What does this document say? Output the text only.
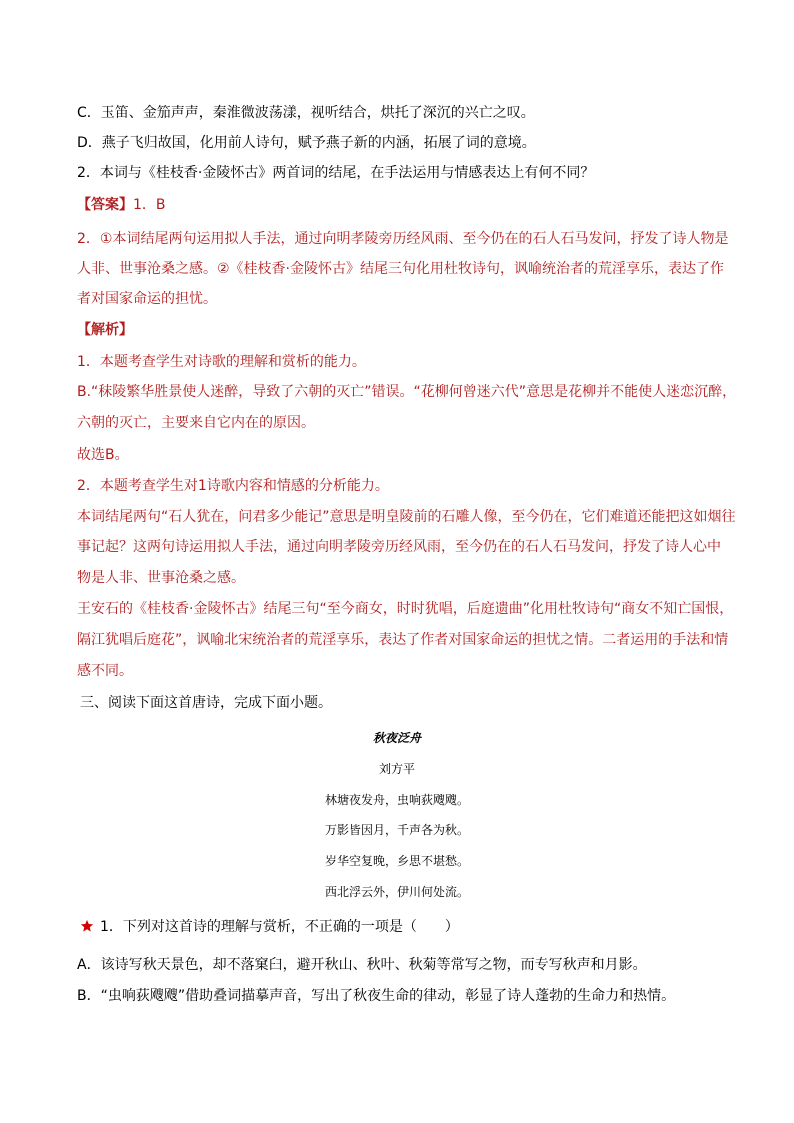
C．玉笛、金笳声声，秦淮微波荡漾，视听结合，烘托了深沉的兴亡之叹。
D．燕子飞归故国，化用前人诗句，赋予燕子新的内涵，拓展了词的意境。
2．本词与《桂枝香·金陵怀古》两首词的结尾，在手法运用与情感表达上有何不同？
【答案】1．B
2．①本词结尾两句运用拟人手法，通过向明孝陵旁历经风雨、至今仍在的石人石马发问，抒发了诗人物是
人非、世事沧桑之感。②《桂枝香·金陵怀古》结尾三句化用杜牧诗句，讽喻统治者的荒淫享乐，表达了作
者对国家命运的担忧。
【解析】
1．本题考查学生对诗歌的理解和赏析的能力。
B.“秣陵繁华胜景使人迷醉，导致了六朝的灭亡”错误。“花柳何曾迷六代”意思是花柳并不能使人迷恋沉醉，
六朝的灭亡，主要来自它内在的原因。
故选B。
2．本题考查学生对1诗歌内容和情感的分析能力。
本词结尾两句“石人犹在，问君多少能记”意思是明皇陵前的石雕人像，至今仍在，它们难道还能把这如烟往
事记起？这两句诗运用拟人手法，通过向明孝陵旁历经风雨，至今仍在的石人石马发问，抒发了诗人心中
物是人非、世事沧桑之感。
王安石的《桂枝香·金陵怀古》结尾三句“至今商女，时时犹唱，后庭遗曲”化用杜牧诗句“商女不知亡国恨，
隔江犹唱后庭花”，讽喻北宋统治者的荒淫享乐，表达了作者对国家命运的担忧之情。二者运用的手法和情
感不同。
三、阅读下面这首唐诗，完成下面小题。
秋夜泛舟
刘方平
林塘夜发舟，虫响荻飕飕。
万影皆因月，千声各为秋。
岁华空复晚，乡思不堪愁。
西北浮云外，伊川何处流。
1．下列对这首诗的理解与赏析，不正确的一项是（　　）
A．该诗写秋天景色，却不落窠臼，避开秋山、秋叶、秋菊等常写之物，而专写秋声和月影。
B．“虫响荻飕飕”借助叠词描摹声音，写出了秋夜生命的律动，彰显了诗人蓬勃的生命力和热情。
